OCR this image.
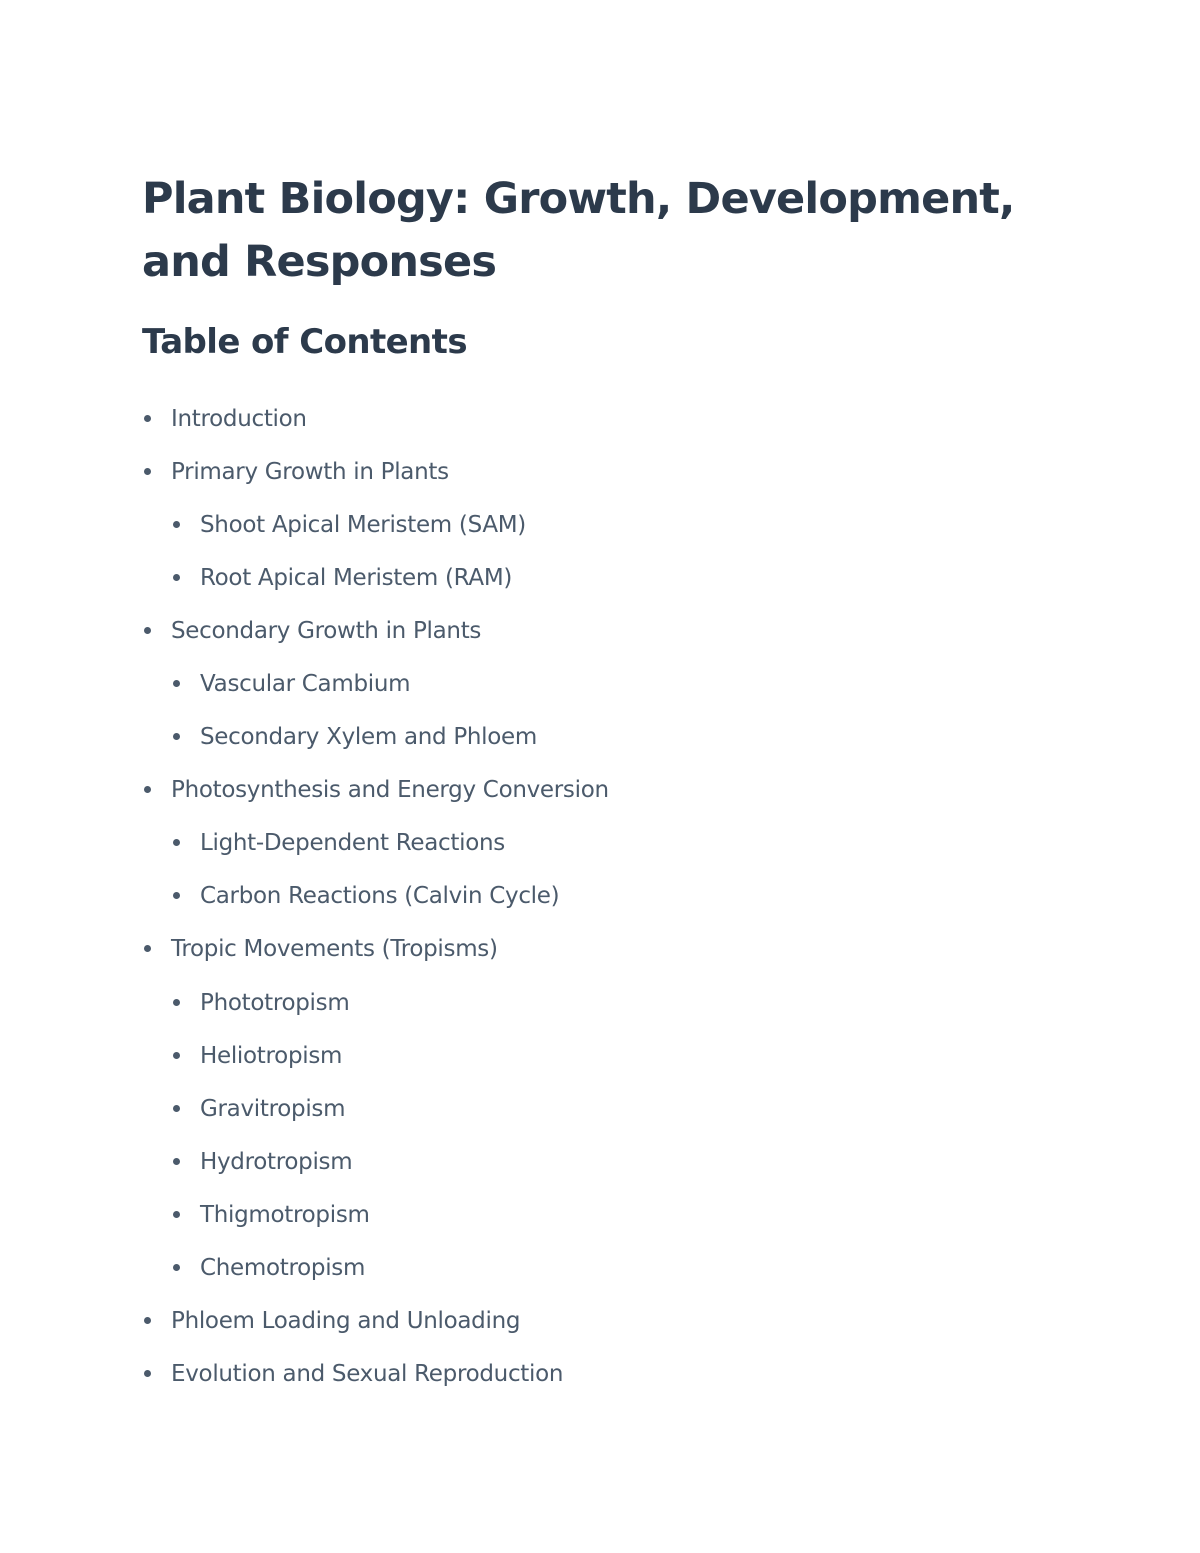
Plant Biology: Growth, Development, and Responses
Table of Contents
Introduction
Primary Growth in Plants
Shoot Apical Meristem (SAM)
Root Apical Meristem (RAM)
Secondary Growth in Plants
Vascular Cambium
Secondary Xylem and Phloem
Photosynthesis and Energy Conversion
Light-Dependent Reactions
Carbon Reactions (Calvin Cycle)
Tropic Movements (Tropisms)
Phototropism
Heliotropism
Gravitropism
Hydrotropism
Thigmotropism
Chemotropism
Phloem Loading and Unloading
Evolution and Sexual Reproduction
